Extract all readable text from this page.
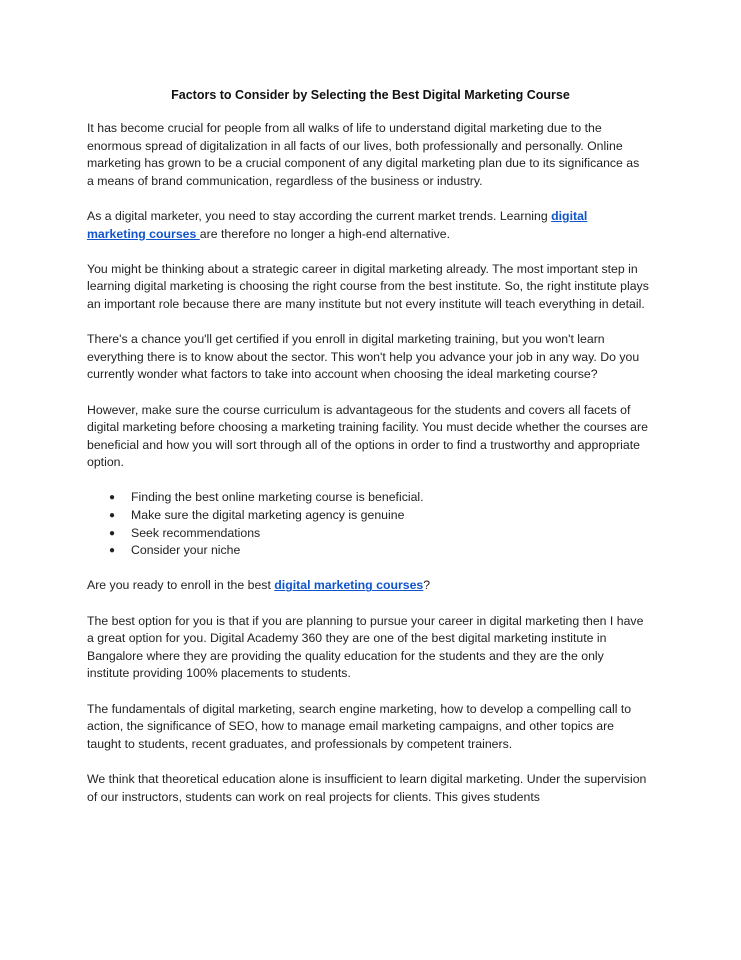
Factors to Consider by Selecting the Best Digital Marketing Course

It has become crucial for people from all walks of life to understand digital marketing due to the enormous spread of digitalization in all facts of our lives, both professionally and personally. Online marketing has grown to be a crucial component of any digital marketing plan due to its significance as a means of brand communication, regardless of the business or industry.

As a digital marketer, you need to stay according the current market trends. Learning digital marketing courses are therefore no longer a high-end alternative.

You might be thinking about a strategic career in digital marketing already. The most important step in learning digital marketing is choosing the right course from the best institute. So, the right institute plays an important role because there are many institute but not every institute will teach everything in detail.

There's a chance you'll get certified if you enroll in digital marketing training, but you won't learn everything there is to know about the sector. This won't help you advance your job in any way. Do you currently wonder what factors to take into account when choosing the ideal marketing course?

However, make sure the course curriculum is advantageous for the students and covers all facets of digital marketing before choosing a marketing training facility. You must decide whether the courses are beneficial and how you will sort through all of the options in order to find a trustworthy and appropriate option.

● Finding the best online marketing course is beneficial.
● Make sure the digital marketing agency is genuine
● Seek recommendations
● Consider your niche

Are you ready to enroll in the best digital marketing courses?

The best option for you is that if you are planning to pursue your career in digital marketing then I have a great option for you. Digital Academy 360 they are one of the best digital marketing institute in Bangalore where they are providing the quality education for the students and they are the only institute providing 100% placements to students.

The fundamentals of digital marketing, search engine marketing, how to develop a compelling call to action, the significance of SEO, how to manage email marketing campaigns, and other topics are taught to students, recent graduates, and professionals by competent trainers.

We think that theoretical education alone is insufficient to learn digital marketing. Under the supervision of our instructors, students can work on real projects for clients. This gives students
